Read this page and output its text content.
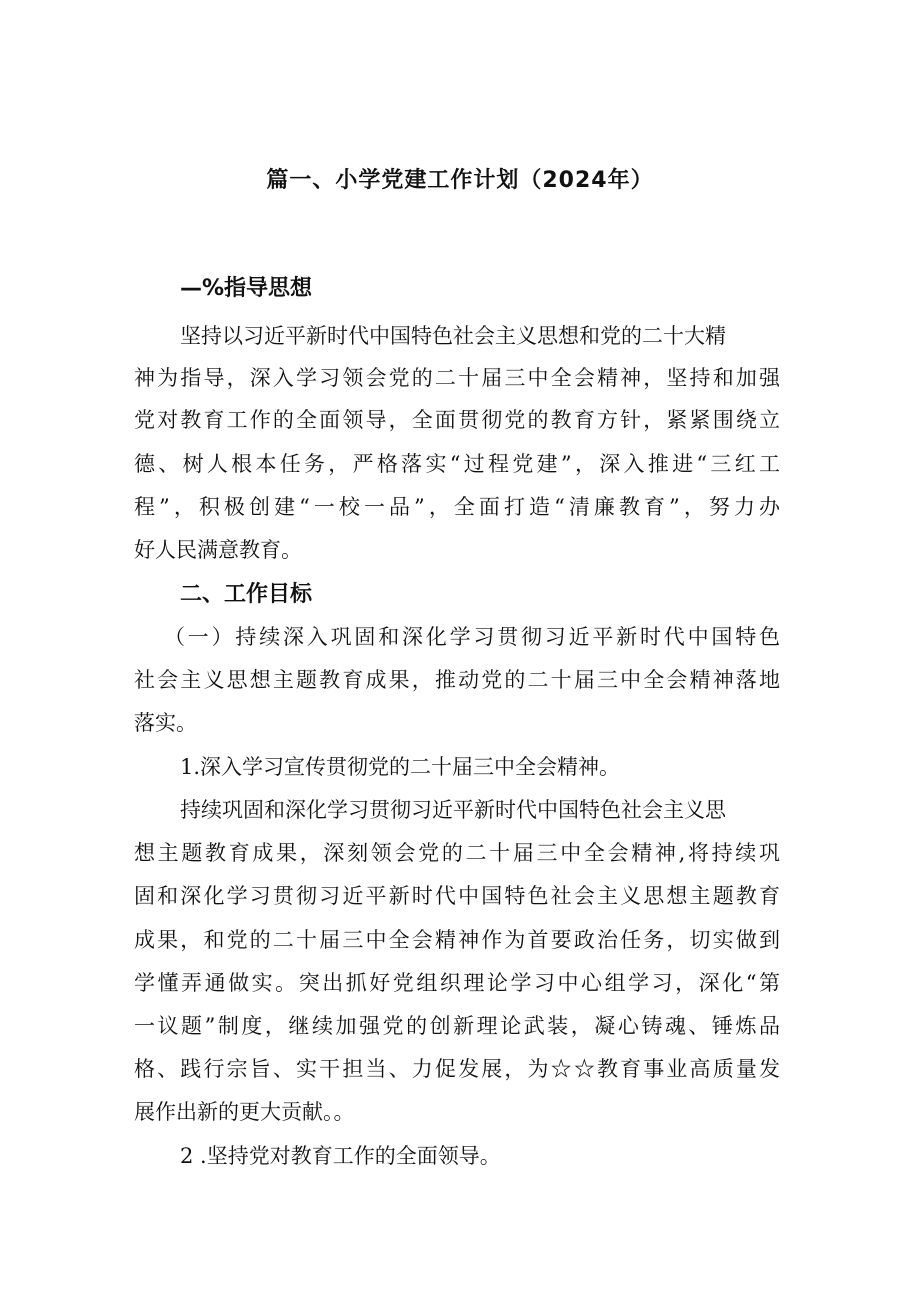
篇一、小学党建工作计划（2024年）
—%指导思想
坚持以习近平新时代中国特色社会主义思想和党的二十大精
神为指导，深入学习领会党的二十届三中全会精神，坚持和加强
党对教育工作的全面领导，全面贯彻党的教育方针，紧紧围绕立
德、树人根本任务，严格落实“过程党建”，深入推进“三红工
程”，积极创建“一校一品”，全面打造“清廉教育”，努力办
好人民满意教育。
二、工作目标
（一）持续深入巩固和深化学习贯彻习近平新时代中国特色
社会主义思想主题教育成果，推动党的二十届三中全会精神落地
落实。
1.深入学习宣传贯彻党的二十届三中全会精神。
持续巩固和深化学习贯彻习近平新时代中国特色社会主义思
想主题教育成果，深刻领会党的二十届三中全会精神,将持续巩
固和深化学习贯彻习近平新时代中国特色社会主义思想主题教育
成果，和党的二十届三中全会精神作为首要政治任务，切实做到
学懂弄通做实。突出抓好党组织理论学习中心组学习，深化“第
一议题”制度，继续加强党的创新理论武装，凝心铸魂、锤炼品
格、践行宗旨、实干担当、力促发展，为☆☆教育事业高质量发
展作出新的更大贡献。。
2 .坚持党对教育工作的全面领导。
